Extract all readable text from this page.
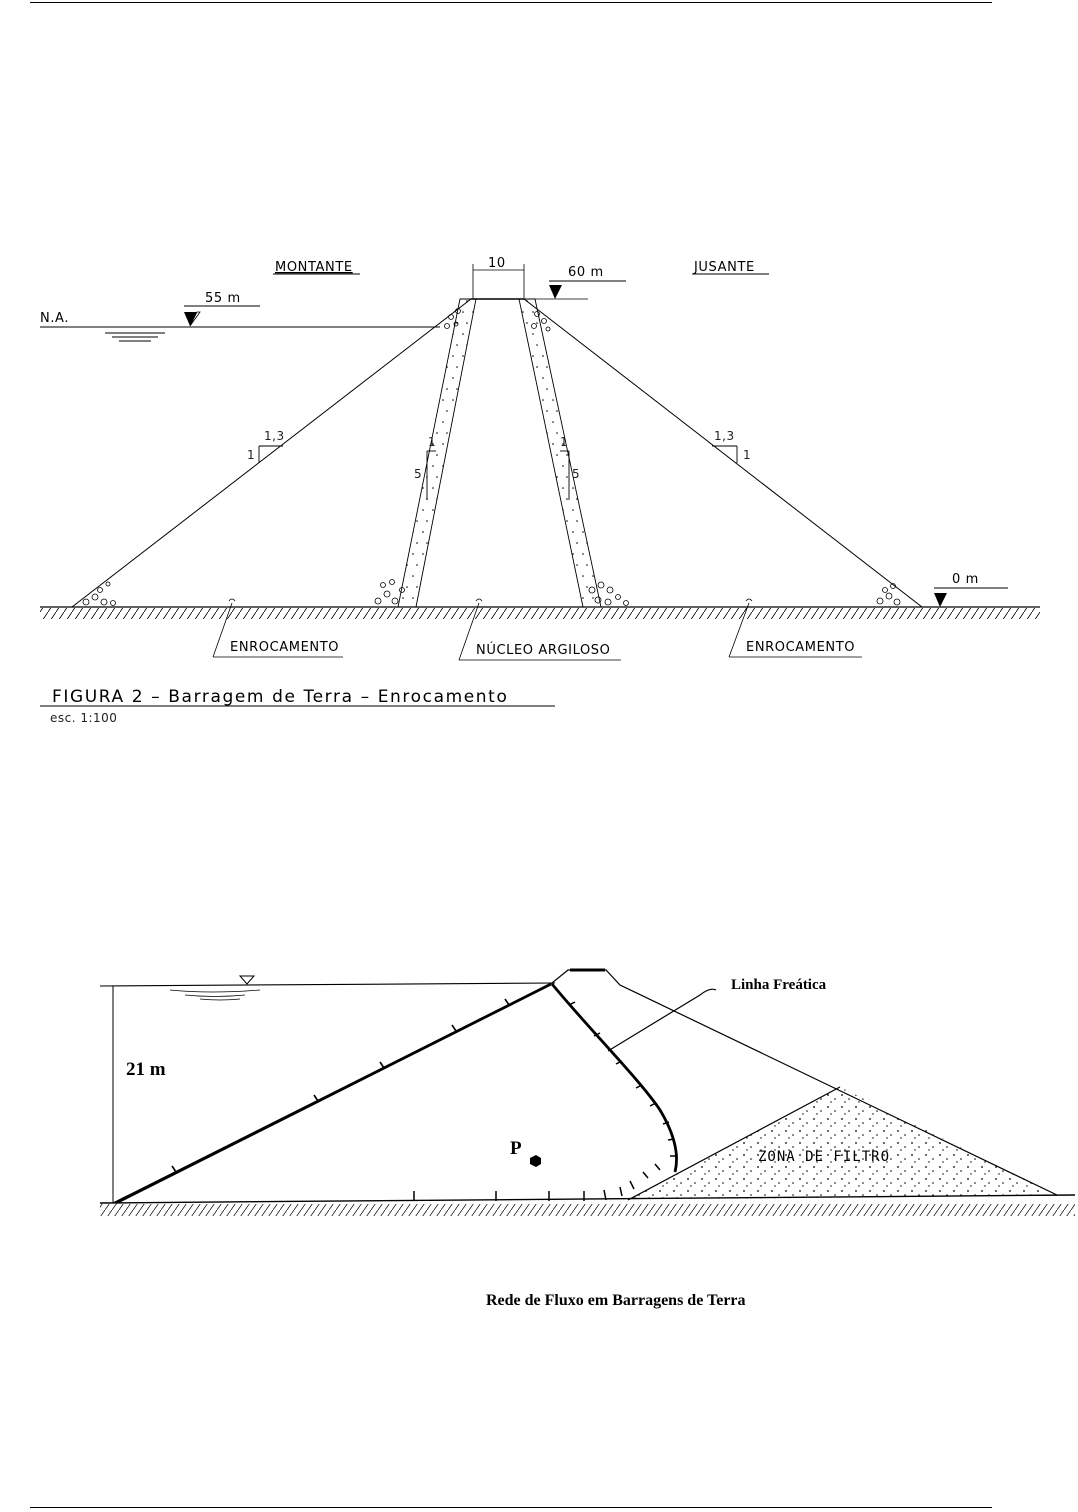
N.A.
55 m
60 m
0 m
10
MONTANTE	JUSANTE
1,3
1
1,3
1
1
5
1
5
ENROCAMENTO	NÚCLEO ARGILOSO	ENROCAMENTO
FIGURA 2 – Barragem de Terra – Enrocamento
esc. 1:100
21 m
ZONA DE FILTRO
Linha Freática
P
Rede de Fluxo em Barragens de Terra
